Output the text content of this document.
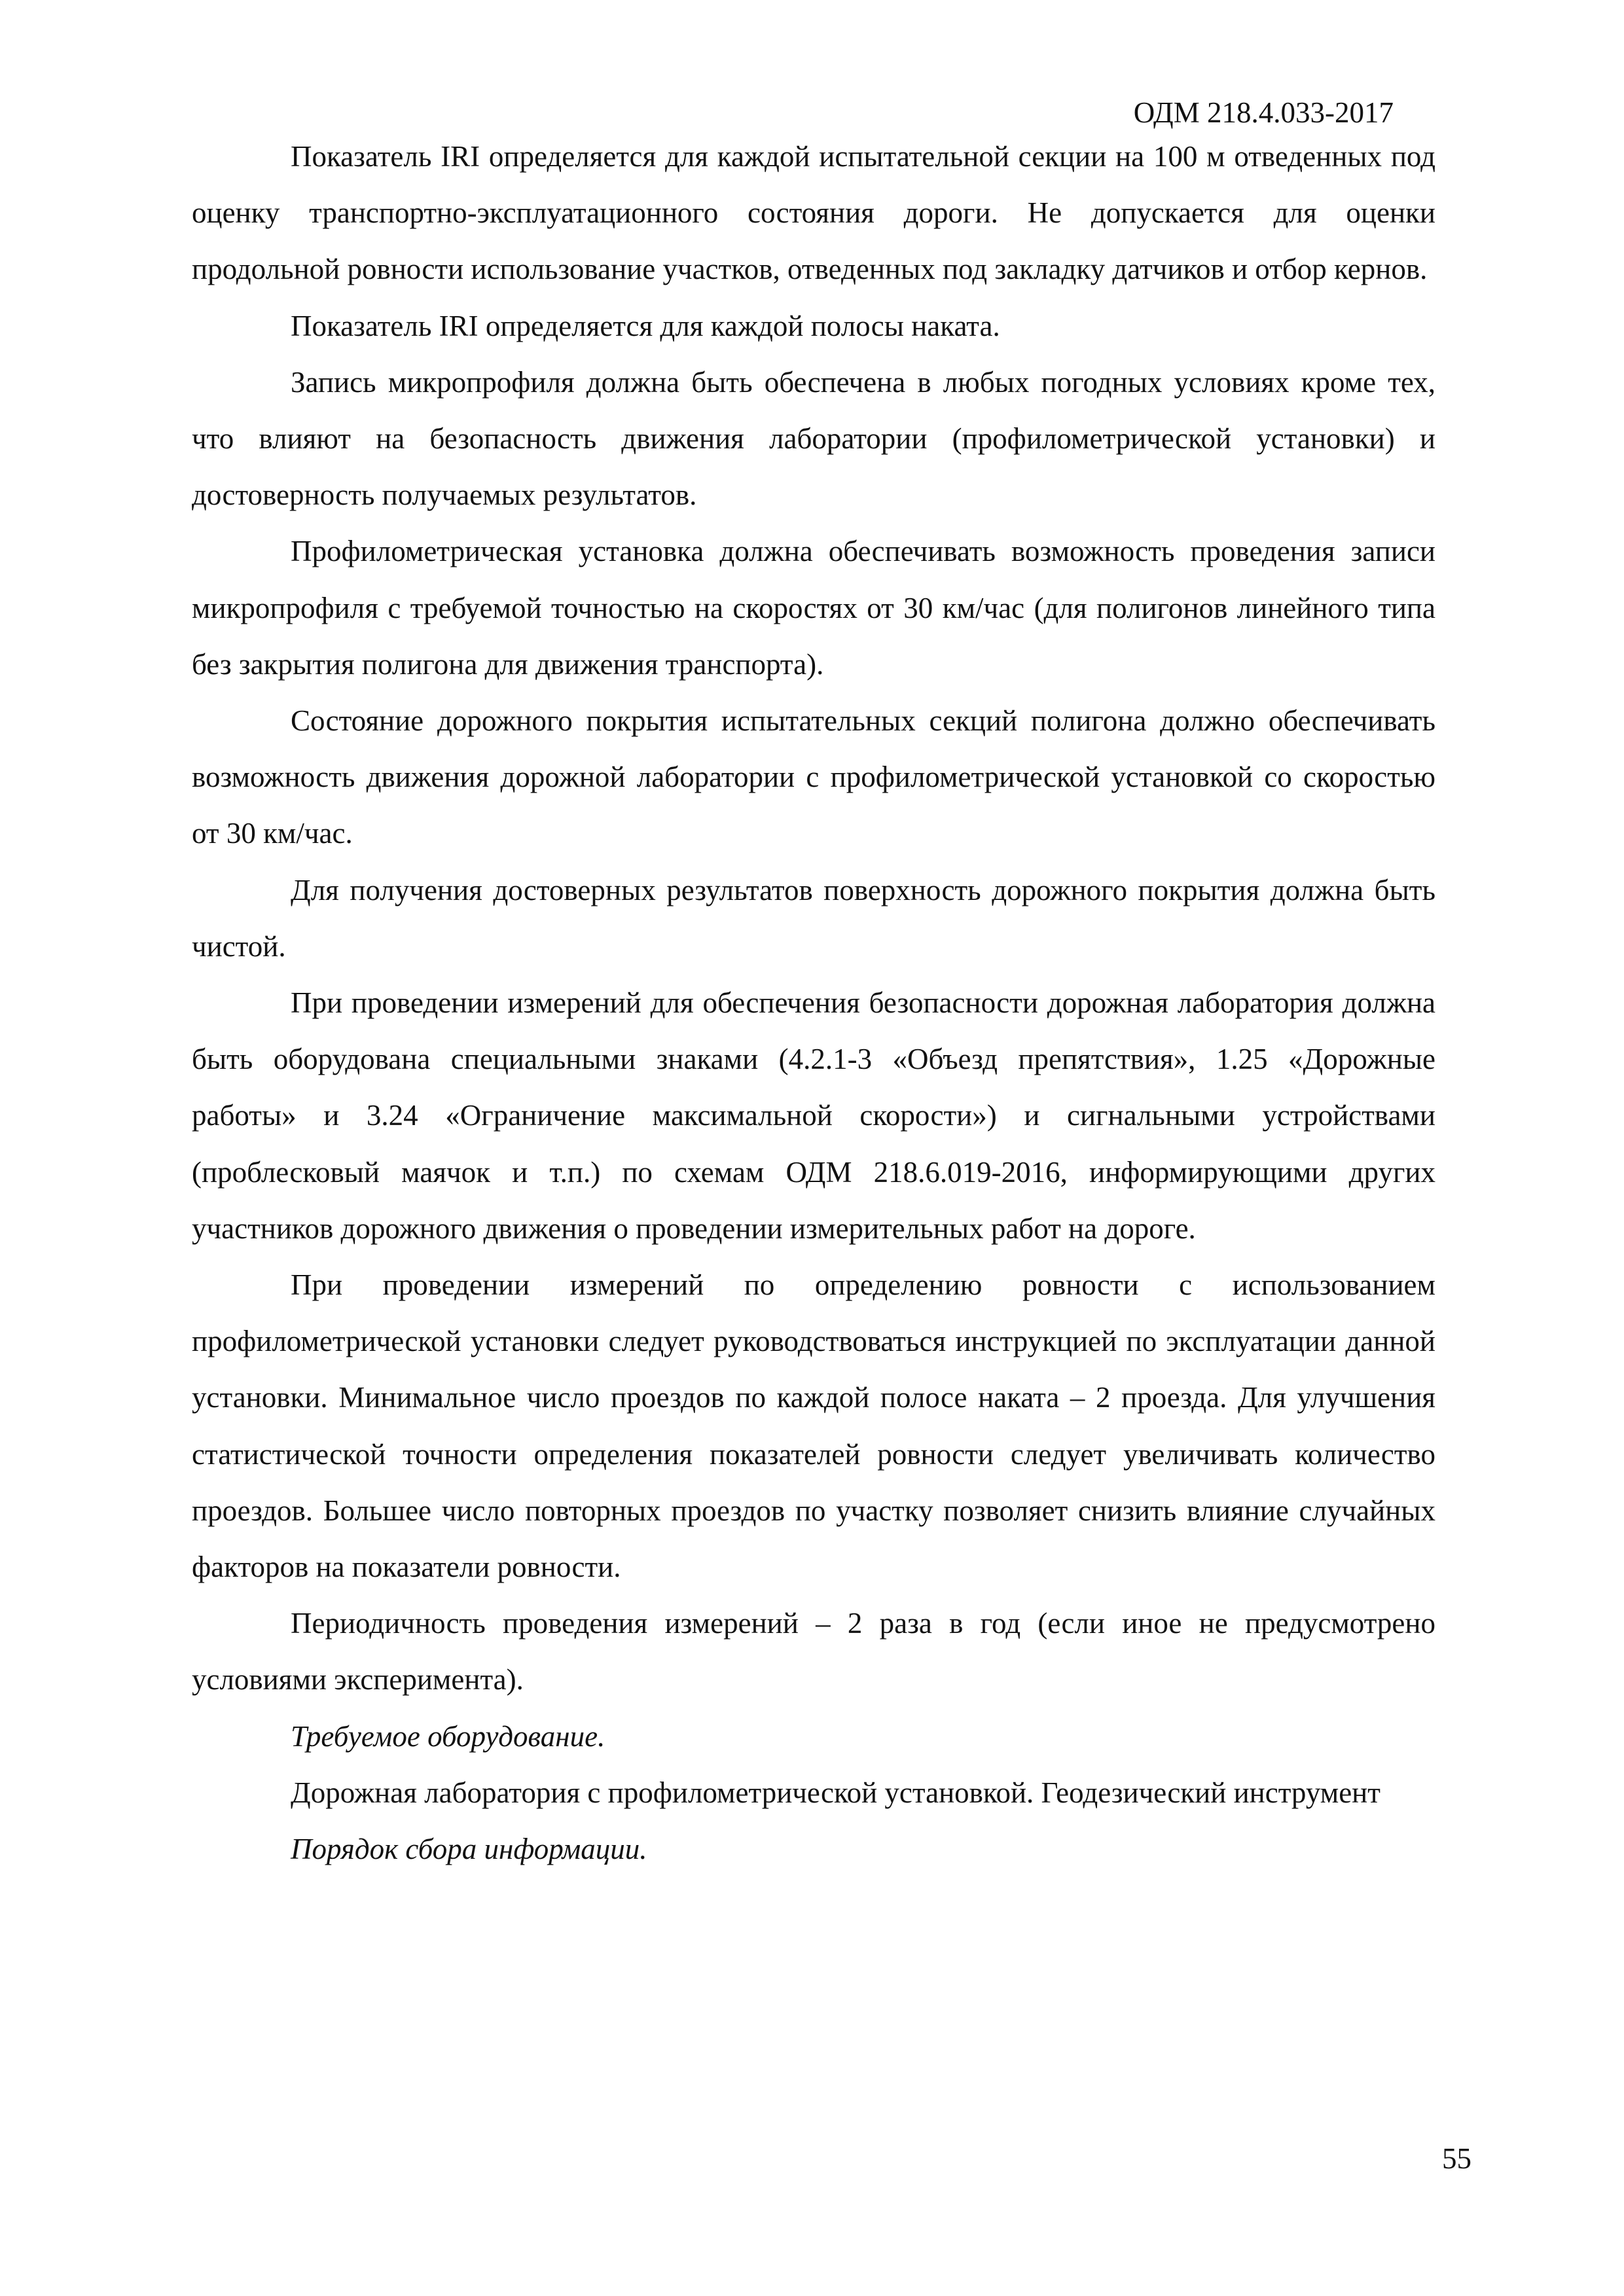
ОДМ 218.4.033-2017

Показатель IRI определяется для каждой испытательной секции на 100 м отведенных под оценку транспортно-эксплуатационного состояния дороги. Не допускается для оценки продольной ровности использование участков, отведенных под закладку датчиков и отбор кернов.

Показатель IRI определяется для каждой полосы наката.

Запись микропрофиля должна быть обеспечена в любых погодных условиях кроме тех, что влияют на безопасность движения лаборатории (профилометрической установки) и достоверность получаемых результатов.

Профилометрическая установка должна обеспечивать возможность проведения записи микропрофиля с требуемой точностью на скоростях от 30 км/час (для полигонов линейного типа без закрытия полигона для движения транспорта).

Состояние дорожного покрытия испытательных секций полигона должно обеспечивать возможность движения дорожной лаборатории с профилометрической установкой со скоростью от 30 км/час.

Для получения достоверных результатов поверхность дорожного покрытия должна быть чистой.

При проведении измерений для обеспечения безопасности дорожная лаборатория должна быть оборудована специальными знаками (4.2.1-3 «Объезд препятствия», 1.25 «Дорожные работы» и 3.24 «Ограничение максимальной скорости») и сигнальными устройствами (проблесковый маячок и т.п.) по схемам ОДМ 218.6.019-2016, информирующими других участников дорожного движения о проведении измерительных работ на дороге.

При проведении измерений по определению ровности с использованием профилометрической установки следует руководствоваться инструкцией по эксплуатации данной установки. Минимальное число проездов по каждой полосе наката – 2 проезда. Для улучшения статистической точности определения показателей ровности следует увеличивать количество проездов. Большее число повторных проездов по участку позволяет снизить влияние случайных факторов на показатели ровности.

Периодичность проведения измерений – 2 раза в год (если иное не предусмотрено условиями эксперимента).

Требуемое оборудование.

Дорожная лаборатория с профилометрической установкой. Геодезический инструмент

Порядок сбора информации.

55
